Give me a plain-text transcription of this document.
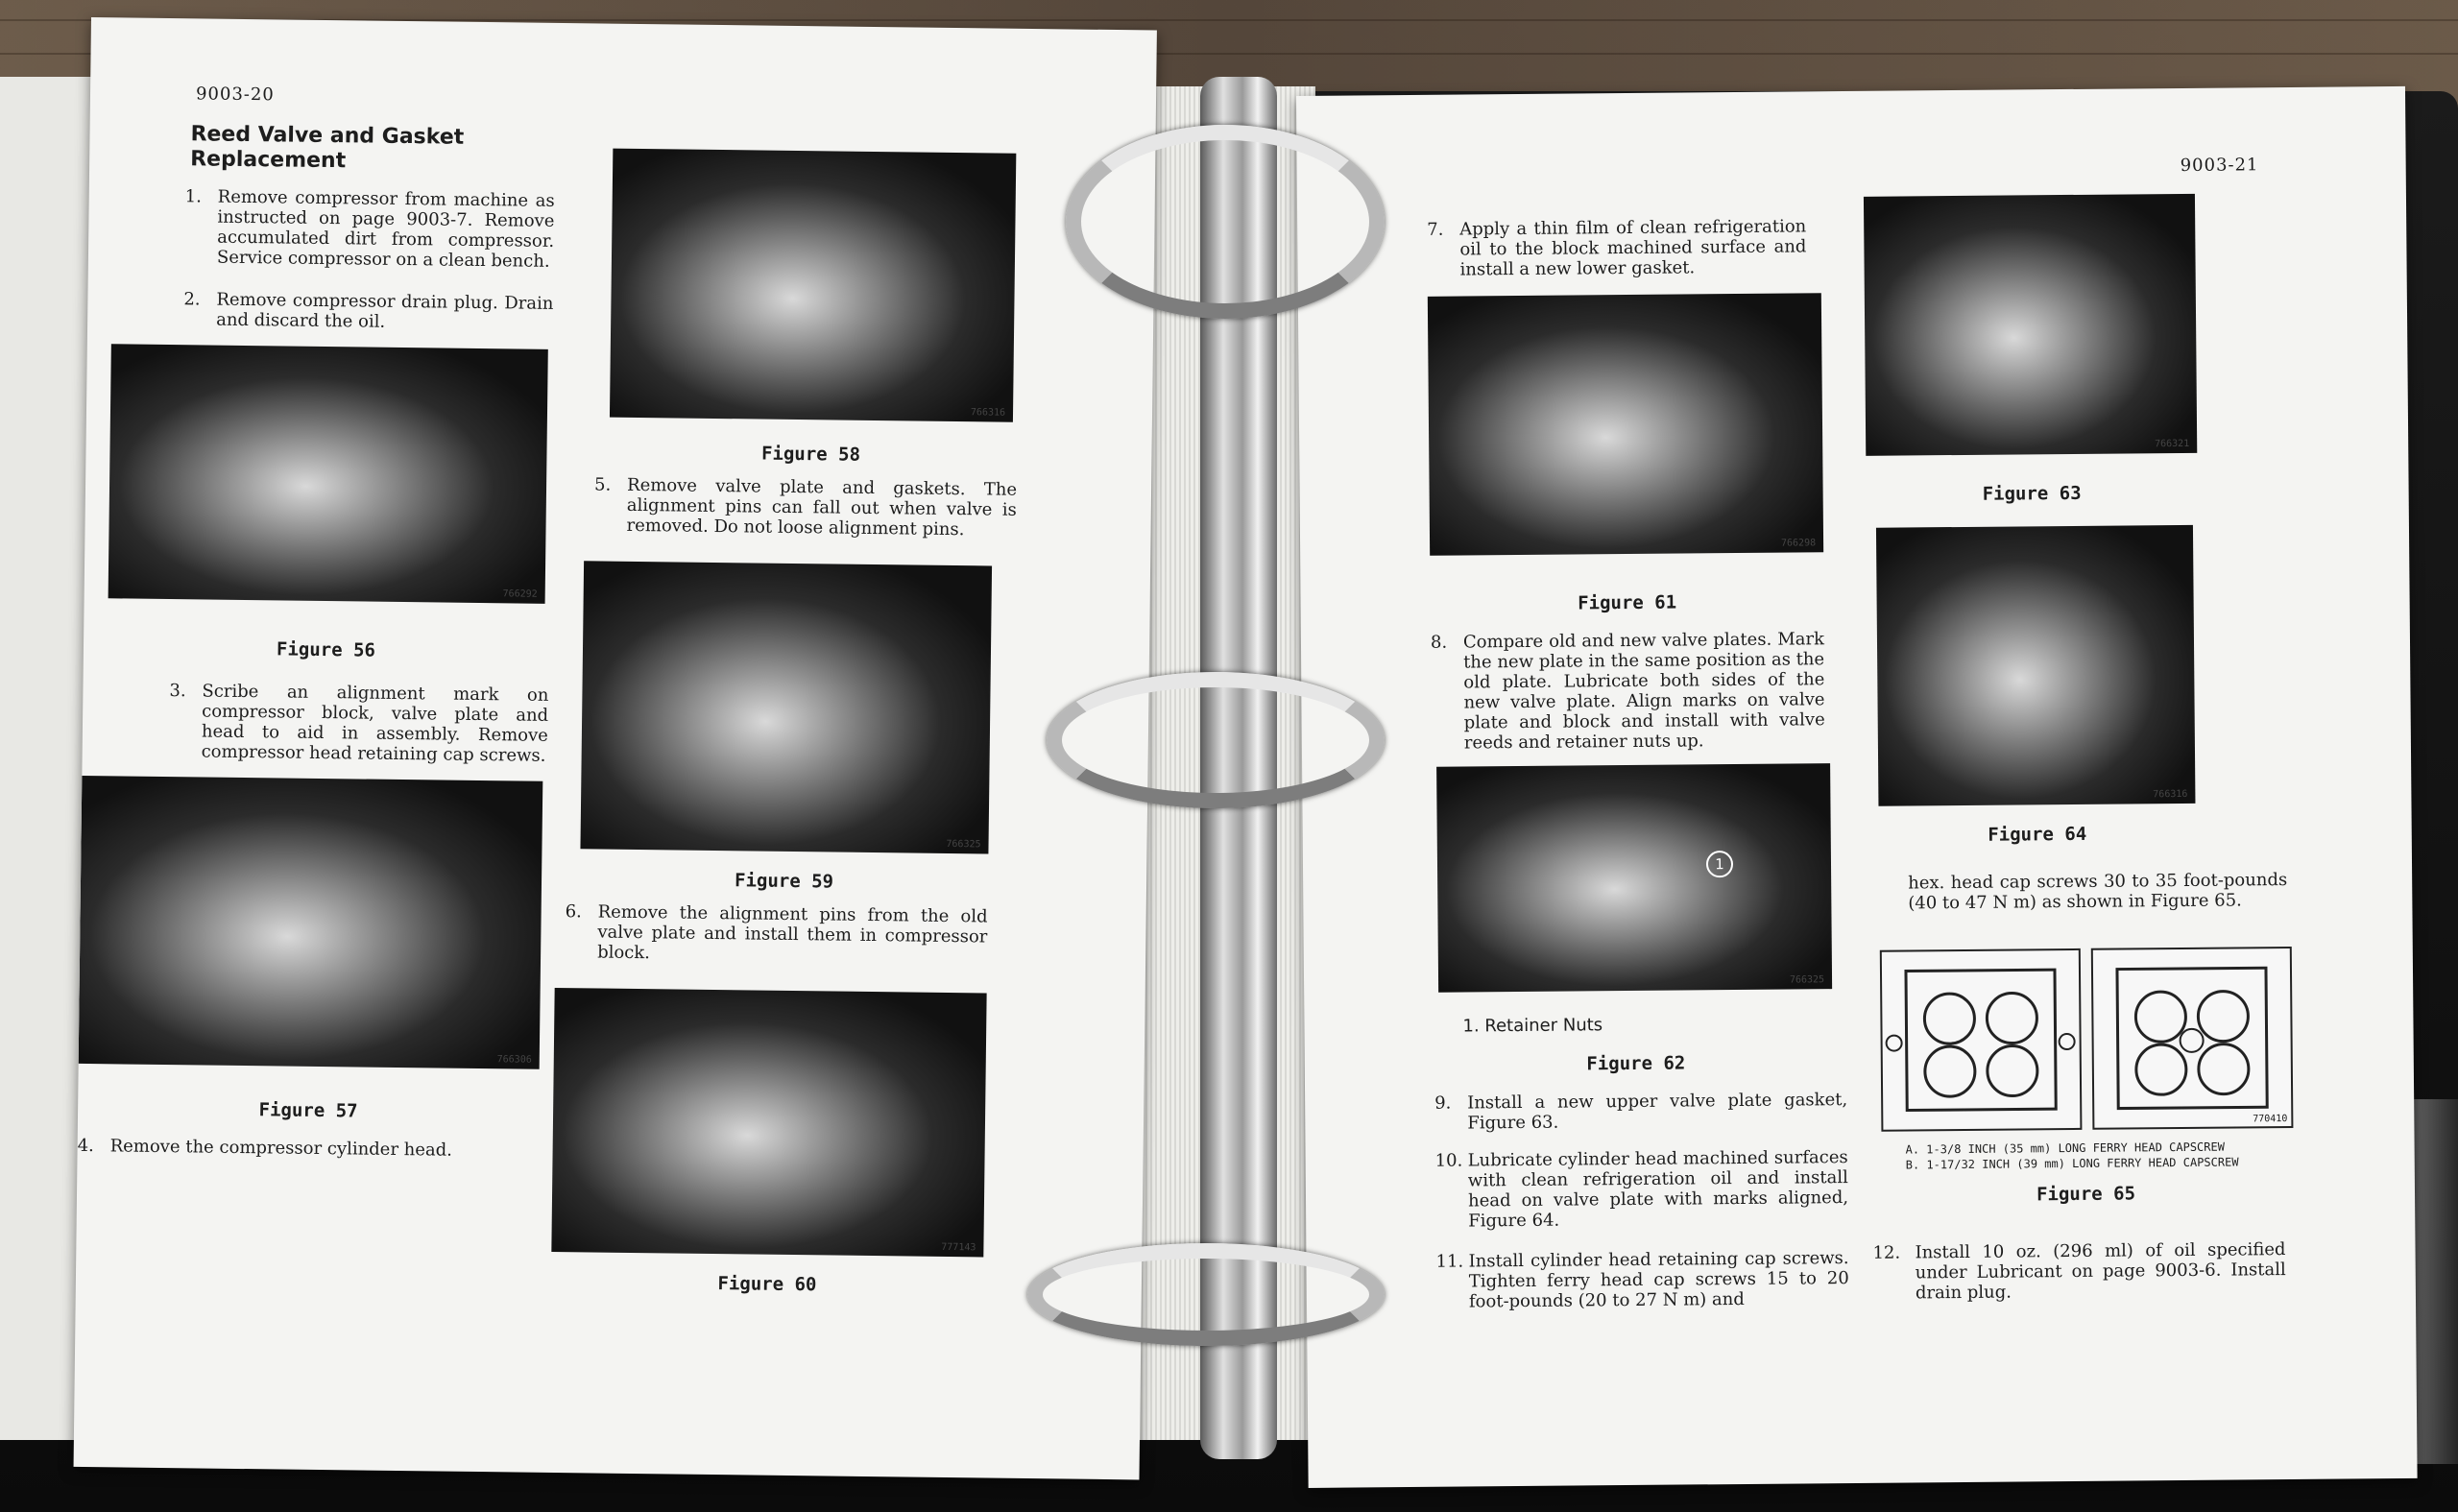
9003-20
Reed Valve and Gasket
Replacement
1. Remove compressor from machine as instructed on page 9003-7. Remove accumulated dirt from compressor. Service compressor on a clean bench.
2. Remove compressor drain plug. Drain and discard the oil.
766292
Figure 56
3. Scribe an alignment mark on compressor block, valve plate and head to aid in assembly. Remove compressor head retaining cap screws.
766306
Figure 57
4. Remove the compressor cylinder head.
766316
Figure 58
5. Remove valve plate and gaskets. The alignment pins can fall out when valve is removed. Do not loose alignment pins.
766325
Figure 59
6. Remove the alignment pins from the old valve plate and install them in compressor block.
777143
Figure 60
9003-21
7. Apply a thin film of clean refrigeration oil to the block machined surface and install a new lower gasket.
766298
Figure 61
8. Compare old and new valve plates. Mark the new plate in the same position as the old plate. Lubricate both sides of the new valve plate. Align marks on valve plate and block and install with valve reeds and retainer nuts up.
1
766325
1. Retainer Nuts
Figure 62
9. Install a new upper valve plate gasket, Figure 63.
10. Lubricate cylinder head machined surfaces with clean refrigeration oil and install head on valve plate with marks aligned, Figure 64.
11. Install cylinder head retaining cap screws. Tighten ferry head cap screws 15 to 20 foot-pounds (20 to 27 N m) and
766321
Figure 63
766316
Figure 64
hex. head cap screws 30 to 35 foot-pounds (40 to 47 N m) as shown in Figure 65.
770410
A. 1-3/8 INCH (35 mm) LONG FERRY HEAD CAPSCREW
B. 1-17/32 INCH (39 mm) LONG FERRY HEAD CAPSCREW
Figure 65
12. Install 10 oz. (296 ml) of oil specified under Lubricant on page 9003-6. Install drain plug.
